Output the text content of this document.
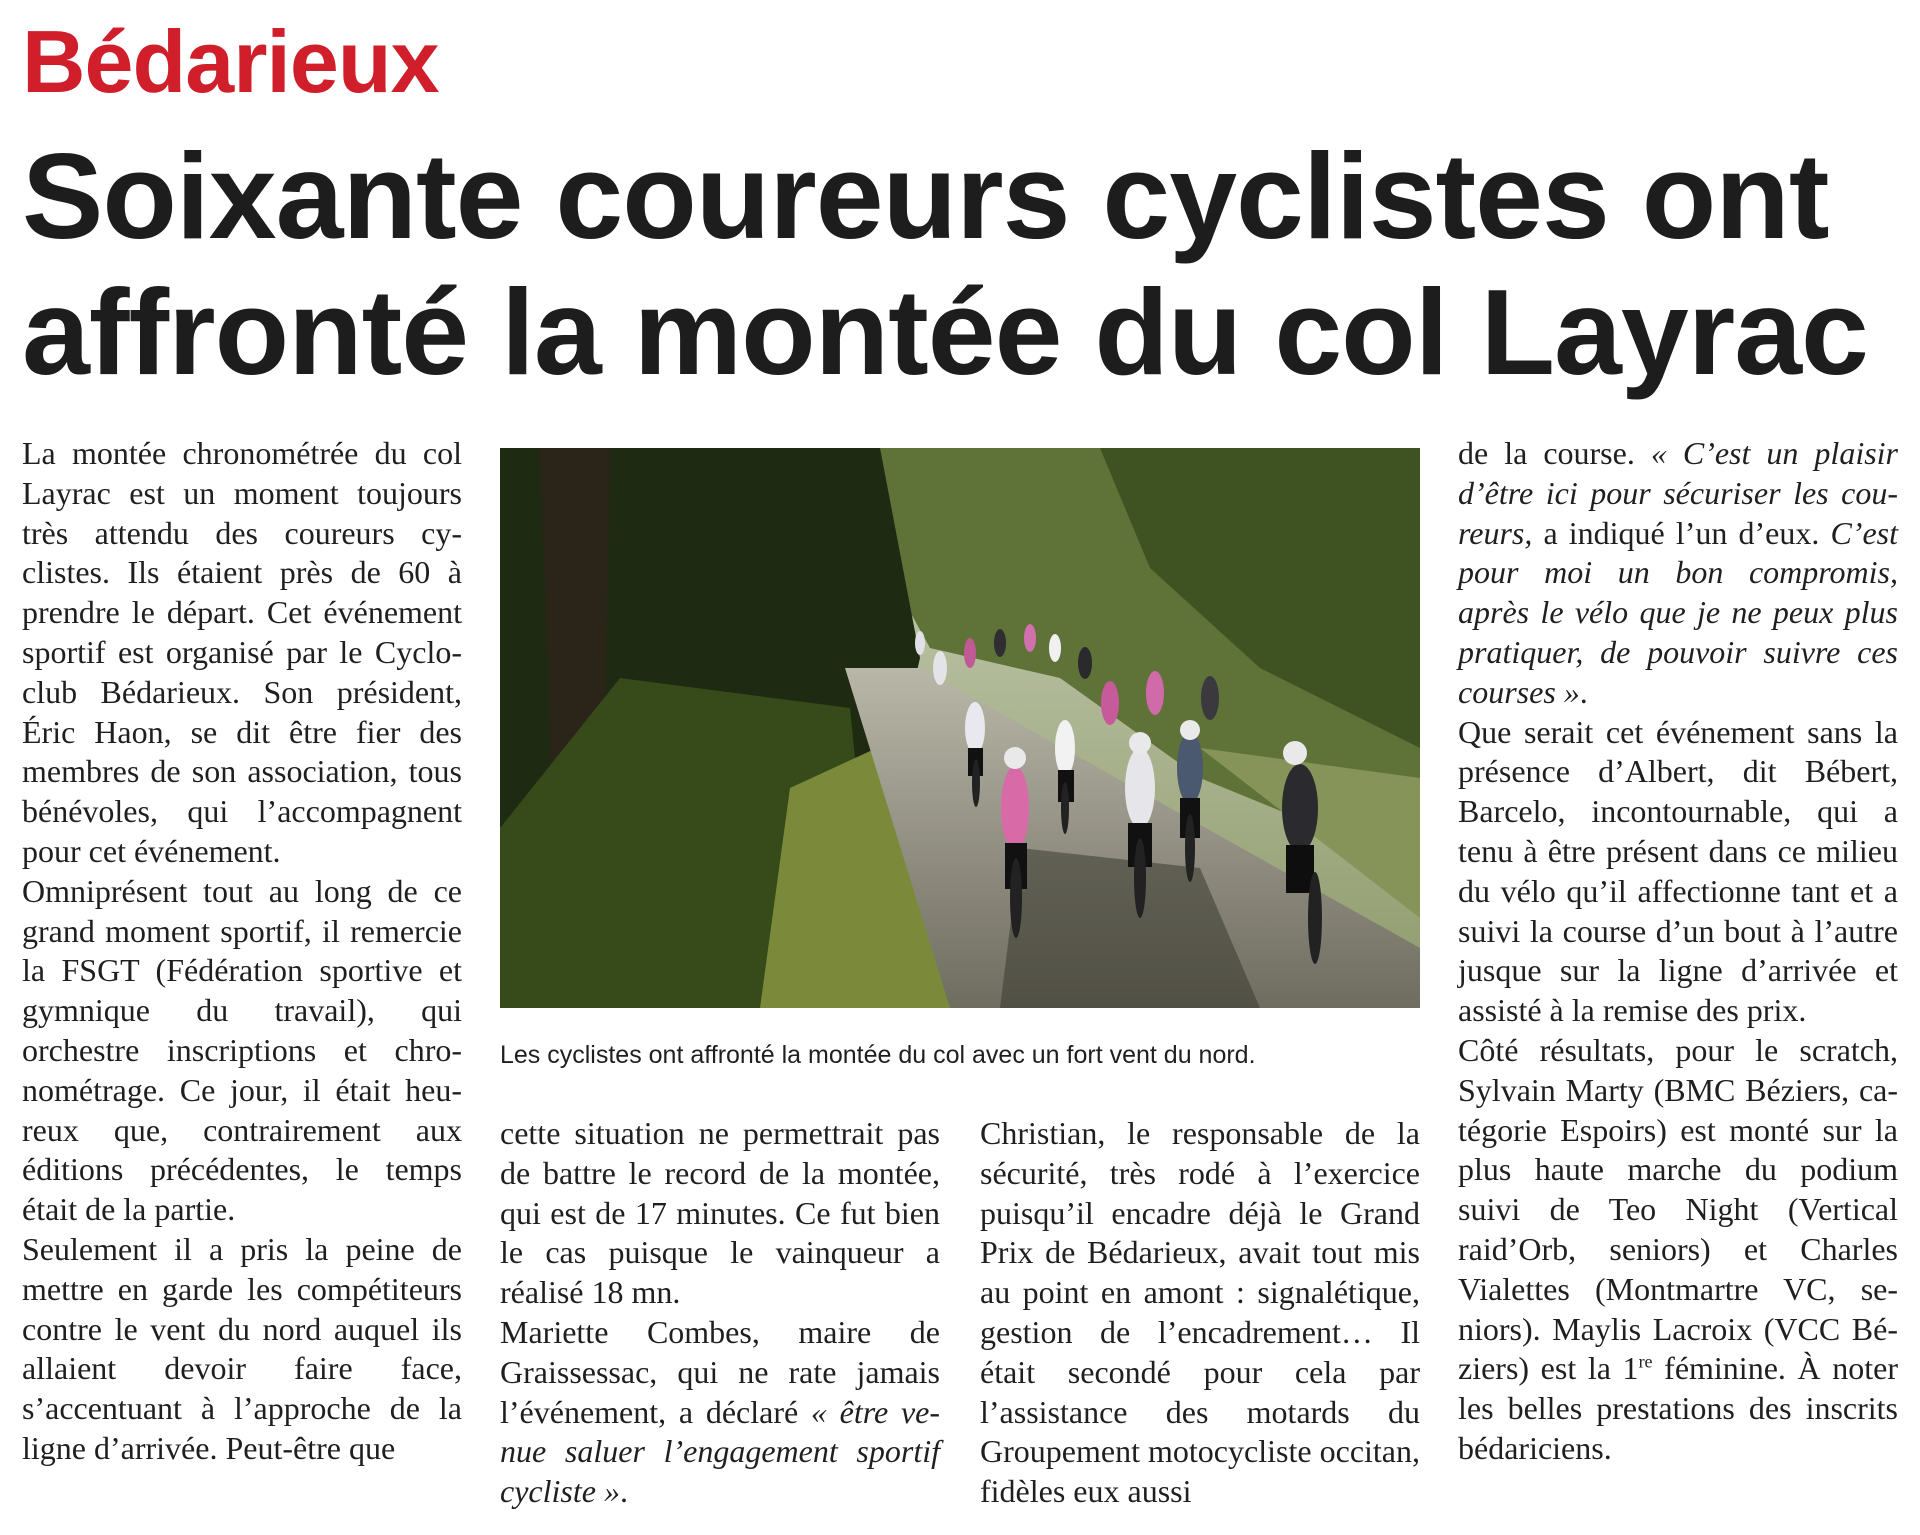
Bédarieux
Soixante coureurs cyclistes ont affronté la montée du col Layrac

La montée chronométrée du col Layrac est un moment toujours très attendu des coureurs cyclistes. Ils étaient près de 60 à prendre le départ. Cet événement sportif est organisé par le Cyclo-club Bédarieux. Son président, Éric Haon, se dit être fier des membres de son association, tous bénévoles, qui l’accompagnent pour cet événement.

Omniprésent tout au long de ce grand moment sportif, il remercie la FSGT (Fédération sportive et gymnique du travail), qui orchestre inscriptions et chronométrage. Ce jour, il était heureux que, contrairement aux éditions précédentes, le temps était de la partie.

Seulement il a pris la peine de mettre en garde les compétiteurs contre le vent du nord auquel ils allaient devoir faire face, s’accentuant à l’approche de la ligne d’arrivée. Peut-être que

Les cyclistes ont affronté la montée du col avec un fort vent du nord.

cette situation ne permettrait pas de battre le record de la montée, qui est de 17 minutes. Ce fut bien le cas puisque le vainqueur a réalisé 18 mn.

Mariette Combes, maire de Graissessac, qui ne rate jamais l’événement, a déclaré « être venue saluer l’engagement sportif cycliste ».

Christian, le responsable de la sécurité, très rodé à l’exercice puisqu’il encadre déjà le Grand Prix de Bédarieux, avait tout mis au point en amont : signalétique, gestion de l’encadrement… Il était secondé pour cela par l’assistance des motards du Groupement motocycliste occitan, fidèles eux aussi

de la course. « C’est un plaisir d’être ici pour sécuriser les coureurs, a indiqué l’un d’eux. C’est pour moi un bon compromis, après le vélo que je ne peux plus pratiquer, de pouvoir suivre ces courses ».

Que serait cet événement sans la présence d’Albert, dit Bébert, Barcelo, incontournable, qui a tenu à être présent dans ce milieu du vélo qu’il affectionne tant et a suivi la course d’un bout à l’autre jusque sur la ligne d’arrivée et assisté à la remise des prix.

Côté résultats, pour le scratch, Sylvain Marty (BMC Béziers, catégorie Espoirs) est monté sur la plus haute marche du podium suivi de Teo Night (Vertical raid’Orb, seniors) et Charles Vialettes (Montmartre VC, seniors). Maylis Lacroix (VCC Béziers) est la 1re féminine. À noter les belles prestations des inscrits bédariciens.
